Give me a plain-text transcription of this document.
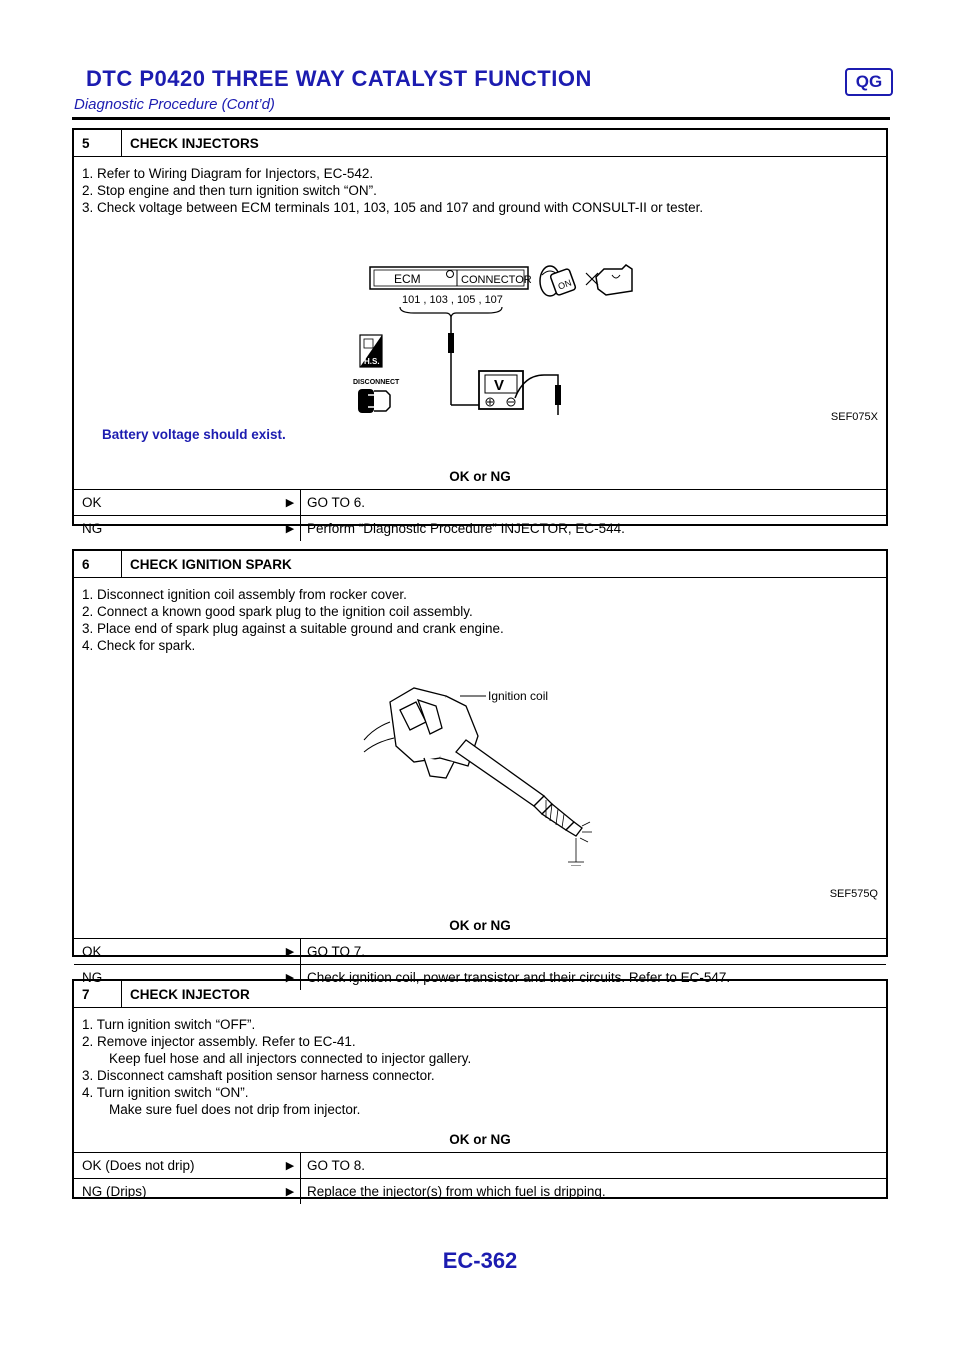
DTC P0420 THREE WAY CATALYST FUNCTION
Diagnostic Procedure (Cont’d)
QG
5	CHECK INJECTORS
1. Refer to Wiring Diagram for Injectors, EC-542.
2. Stop engine and then turn ignition switch “ON”.
3. Check voltage between ECM terminals 101, 103, 105 and 107 and ground with CONSULT-II or tester.
ECM	CONNECTOR
101 , 103 , 105 , 107
ON
V
H.S.
DISCONNECT
SEF075X
Battery voltage should exist.
OK or NG
OK	▶ GO TO 6.
NG	▶ Perform “Diagnostic Procedure” INJECTOR, EC-544.
6	CHECK IGNITION SPARK
1. Disconnect ignition coil assembly from rocker cover.
2. Connect a known good spark plug to the ignition coil assembly.
3. Place end of spark plug against a suitable ground and crank engine.
4. Check for spark.
Ignition coil
SEF575Q
OK or NG
OK	▶ GO TO 7.
NG	▶ Check ignition coil, power transistor and their circuits. Refer to EC-547.
7	CHECK INJECTOR
1. Turn ignition switch “OFF”.
2. Remove injector assembly. Refer to EC-41.
Keep fuel hose and all injectors connected to injector gallery.
3. Disconnect camshaft position sensor harness connector.
4. Turn ignition switch “ON”.
Make sure fuel does not drip from injector.
OK or NG
OK (Does not drip)	▶ GO TO 8.
NG (Drips)	▶ Replace the injector(s) from which fuel is dripping.
EC-362
